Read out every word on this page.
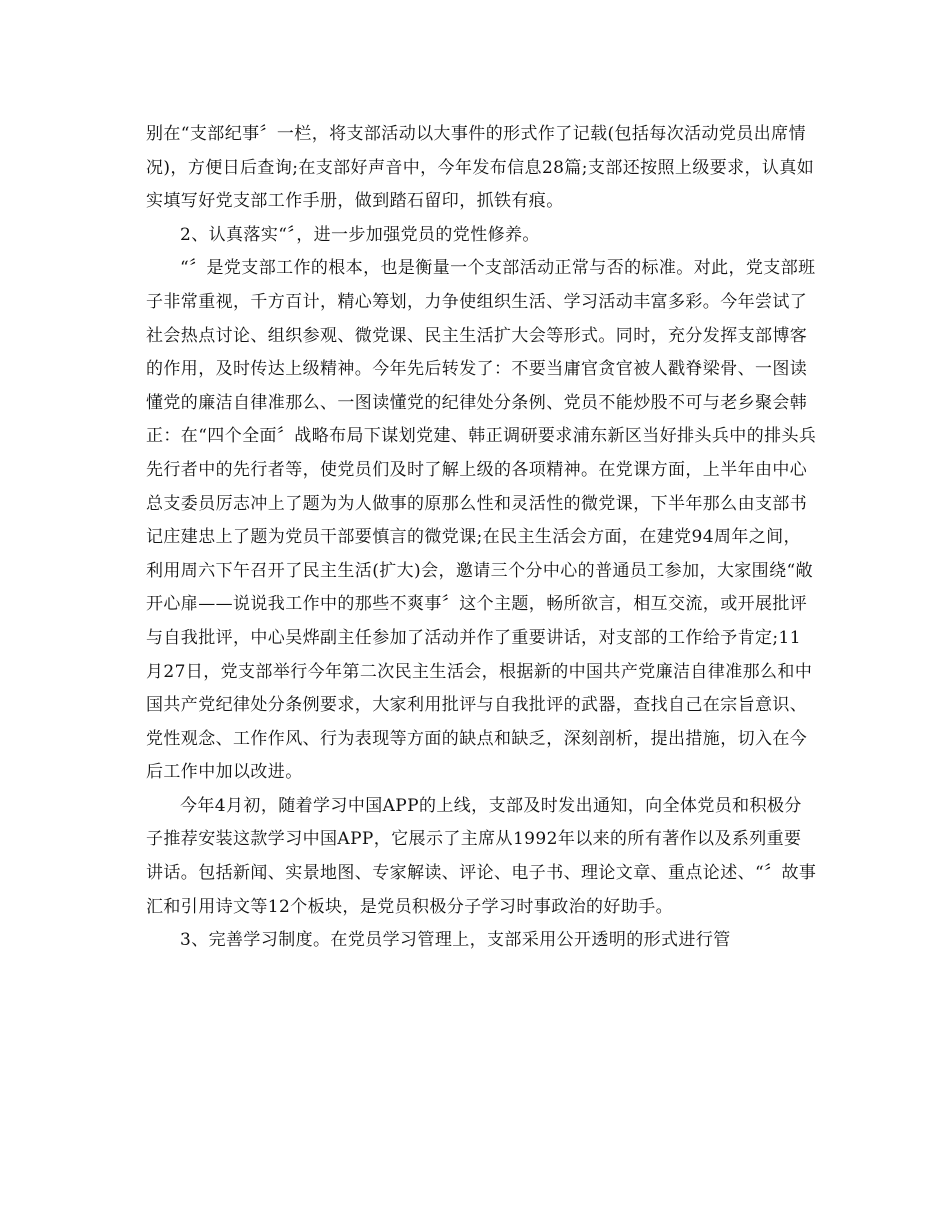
别在“支部纪事〞一栏，将支部活动以大事件的形式作了记载(包括每次活动党员出席情况)，方便日后查询;在支部好声音中，今年发布信息28篇;支部还按照上级要求，认真如实填写好党支部工作手册，做到踏石留印，抓铁有痕。

2、认真落实“〞，进一步加强党员的党性修养。

“〞是党支部工作的根本，也是衡量一个支部活动正常与否的标准。对此，党支部班子非常重视，千方百计，精心筹划，力争使组织生活、学习活动丰富多彩。今年尝试了社会热点讨论、组织参观、微党课、民主生活扩大会等形式。同时，充分发挥支部博客的作用，及时传达上级精神。今年先后转发了：不要当庸官贪官被人戳脊梁骨、一图读懂党的廉洁自律准那么、一图读懂党的纪律处分条例、党员不能炒股不可与老乡聚会韩正：在“四个全面〞战略布局下谋划党建、韩正调研要求浦东新区当好排头兵中的排头兵先行者中的先行者等，使党员们及时了解上级的各项精神。在党课方面，上半年由中心总支委员厉志冲上了题为为人做事的原那么性和灵活性的微党课，下半年那么由支部书记庄建忠上了题为党员干部要慎言的微党课;在民主生活会方面，在建党94周年之间，利用周六下午召开了民主生活(扩大)会，邀请三个分中心的普通员工参加，大家围绕“敞开心扉——说说我工作中的那些不爽事〞这个主题，畅所欲言，相互交流，或开展批评与自我批评，中心吴烨副主任参加了活动并作了重要讲话，对支部的工作给予肯定;11月27日，党支部举行今年第二次民主生活会，根据新的中国共产党廉洁自律准那么和中国共产党纪律处分条例要求，大家利用批评与自我批评的武器，查找自己在宗旨意识、党性观念、工作作风、行为表现等方面的缺点和缺乏，深刻剖析，提出措施，切入在今后工作中加以改进。

今年4月初，随着学习中国APP的上线，支部及时发出通知，向全体党员和积极分子推荐安装这款学习中国APP，它展示了主席从1992年以来的所有著作以及系列重要讲话。包括新闻、实景地图、专家解读、评论、电子书、理论文章、重点论述、“〞故事汇和引用诗文等12个板块，是党员积极分子学习时事政治的好助手。

3、完善学习制度。在党员学习管理上，支部采用公开透明的形式进行管
